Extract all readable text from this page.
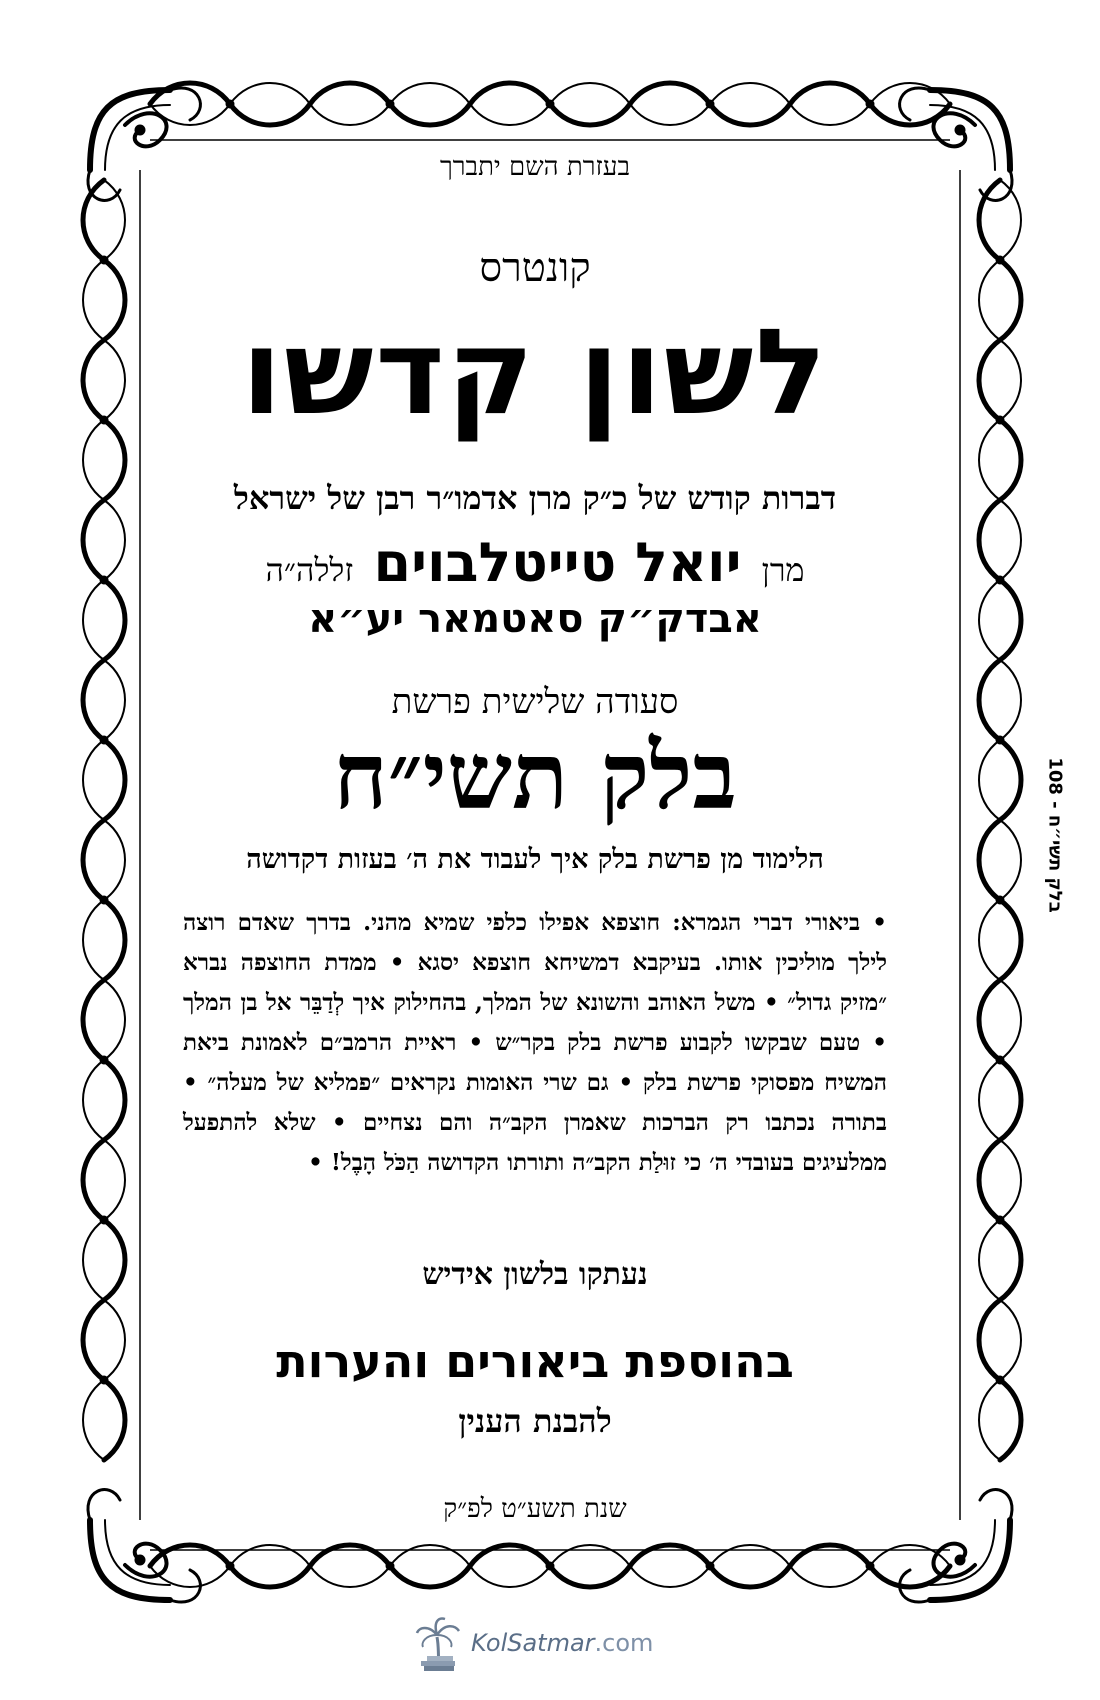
בעזרת השם יתברך
קונטרס
לשון קדשו
דברות קודש של כ״ק מרן אדמו״ר רבן של ישראל
מרן יואל טייטלבוים זללה״ה
אבדק״ק סאטמאר יע״א
סעודה שלישית פרשת
בלק תשי״ח
הלימוד מן פרשת בלק איך לעבוד את ה׳ בעזות דקדושה
• ביאורי דברי הגמרא: חוצפא אפילו כלפי שמיא מהני. בדרך שאדם רוצה לילך מוליכין אותו. בעיקבא דמשיחא חוצפא יסגא • ממדת החוצפה נברא ״מזיק גדול״ • משל האוהב והשונא של המלך, בהחילוק איך לְדַבֵּר אל בן המלך • טעם שבקשו לקבוע פרשת בלק בקר״ש • ראיית הרמב״ם לאמונת ביאת המשיח מפסוקי פרשת בלק • גם שרי האומות נקראים ״פמליא של מעלה״ • בתורה נכתבו רק הברכות שאמרן הקב״ה והם נצחיים • שלא להתפעל ממלעיגים בעובדי ה׳ כי זוּלַת הקב״ה ותורתו הקדושה הַכֹּל הָבֶל! •
נעתקו בלשון אידיש
בהוספת ביאורים והערות
להבנת הענין
שנת תשע״ט לפ״ק
בלק תשי״ח - 108
KolSatmar.com
